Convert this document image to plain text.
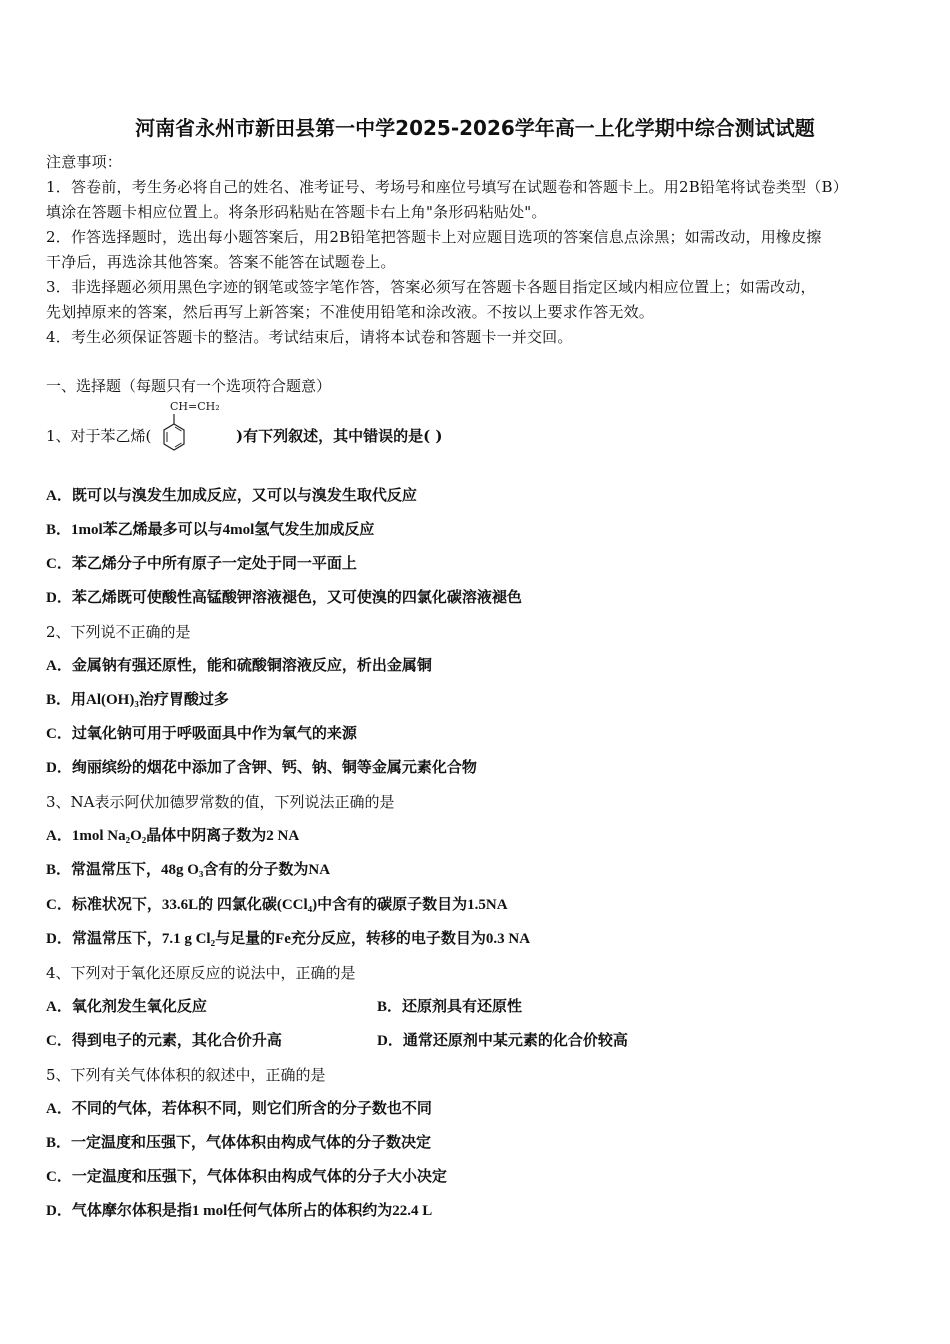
河南省永州市新田县第一中学2025-2026学年高一上化学期中综合测试试题
注意事项：
1．答卷前，考生务必将自己的姓名、准考证号、考场号和座位号填写在试题卷和答题卡上。用2B铅笔将试卷类型（B）
填涂在答题卡相应位置上。将条形码粘贴在答题卡右上角"条形码粘贴处"。
2．作答选择题时，选出每小题答案后，用2B铅笔把答题卡上对应题目选项的答案信息点涂黑；如需改动，用橡皮擦
干净后，再选涂其他答案。答案不能答在试题卷上。
3．非选择题必须用黑色字迹的钢笔或签字笔作答，答案必须写在答题卡各题目指定区域内相应位置上；如需改动，
先划掉原来的答案，然后再写上新答案；不准使用铅笔和涂改液。不按以上要求作答无效。
4．考生必须保证答题卡的整洁。考试结束后，请将本试卷和答题卡一并交回。
一、选择题（每题只有一个选项符合题意）
1、对于苯乙烯(
CH=CH₂
)有下列叙述，其中错误的是( )
A．既可以与溴发生加成反应，又可以与溴发生取代反应
B．1mol苯乙烯最多可以与4mol氢气发生加成反应
C．苯乙烯分子中所有原子一定处于同一平面上
D．苯乙烯既可使酸性高锰酸钾溶液褪色，又可使溴的四氯化碳溶液褪色
2、下列说不正确的是
A．金属钠有强还原性，能和硫酸铜溶液反应，析出金属铜
B．用Al(OH)₃治疗胃酸过多
C．过氧化钠可用于呼吸面具中作为氧气的来源
D．绚丽缤纷的烟花中添加了含钾、钙、钠、铜等金属元素化合物
3、NA表示阿伏加德罗常数的值，下列说法正确的是
A．1mol Na₂O₂晶体中阴离子数为2 NA
B．常温常压下，48g O₃含有的分子数为NA
C．标准状况下，33.6L的 四氯化碳(CCl₄)中含有的碳原子数目为1.5NA
D．常温常压下，7.1 g Cl₂与足量的Fe充分反应，转移的电子数目为0.3 NA
4、下列对于氧化还原反应的说法中，正确的是
A．氧化剂发生氧化反应	B．还原剂具有还原性
C．得到电子的元素，其化合价升高	D．通常还原剂中某元素的化合价较高
5、下列有关气体体积的叙述中，正确的是
A．不同的气体，若体积不同，则它们所含的分子数也不同
B．一定温度和压强下，气体体积由构成气体的分子数决定
C．一定温度和压强下，气体体积由构成气体的分子大小决定
D．气体摩尔体积是指1 mol任何气体所占的体积约为22.4 L
